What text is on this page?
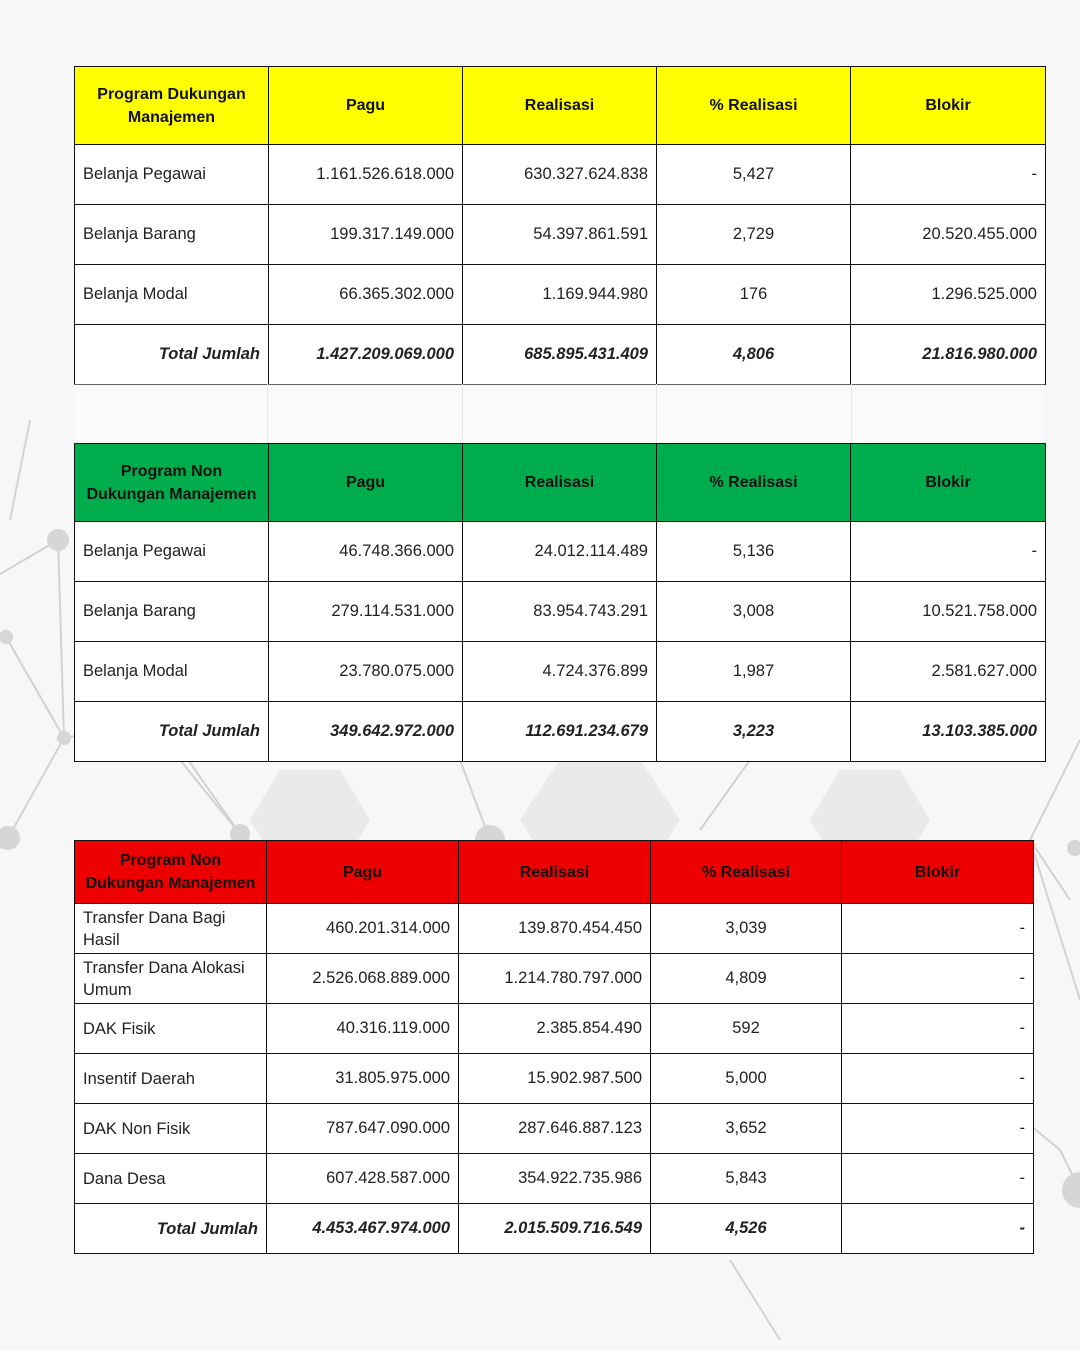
Program Dukungan Manajemen	Pagu	Realisasi	% Realisasi	Blokir
Belanja Pegawai	1.161.526.618.000	630.327.624.838	5,427	-
Belanja Barang	199.317.149.000	54.397.861.591	2,729	20.520.455.000
Belanja Modal	66.365.302.000	1.169.944.980	176	1.296.525.000
Total Jumlah	1.427.209.069.000	685.895.431.409	4,806	21.816.980.000
Program Non Dukungan Manajemen	Pagu	Realisasi	% Realisasi	Blokir
Belanja Pegawai	46.748.366.000	24.012.114.489	5,136	-
Belanja Barang	279.114.531.000	83.954.743.291	3,008	10.521.758.000
Belanja Modal	23.780.075.000	4.724.376.899	1,987	2.581.627.000
Total Jumlah	349.642.972.000	112.691.234.679	3,223	13.103.385.000
Program Non Dukungan Manajemen	Pagu	Realisasi	% Realisasi	Blokir
Transfer Dana Bagi Hasil	460.201.314.000	139.870.454.450	3,039	-
Transfer Dana Alokasi Umum	2.526.068.889.000	1.214.780.797.000	4,809	-
DAK Fisik	40.316.119.000	2.385.854.490	592	-
Insentif Daerah	31.805.975.000	15.902.987.500	5,000	-
DAK Non Fisik	787.647.090.000	287.646.887.123	3,652	-
Dana Desa	607.428.587.000	354.922.735.986	5,843	-
Total Jumlah	4.453.467.974.000	2.015.509.716.549	4,526	-
